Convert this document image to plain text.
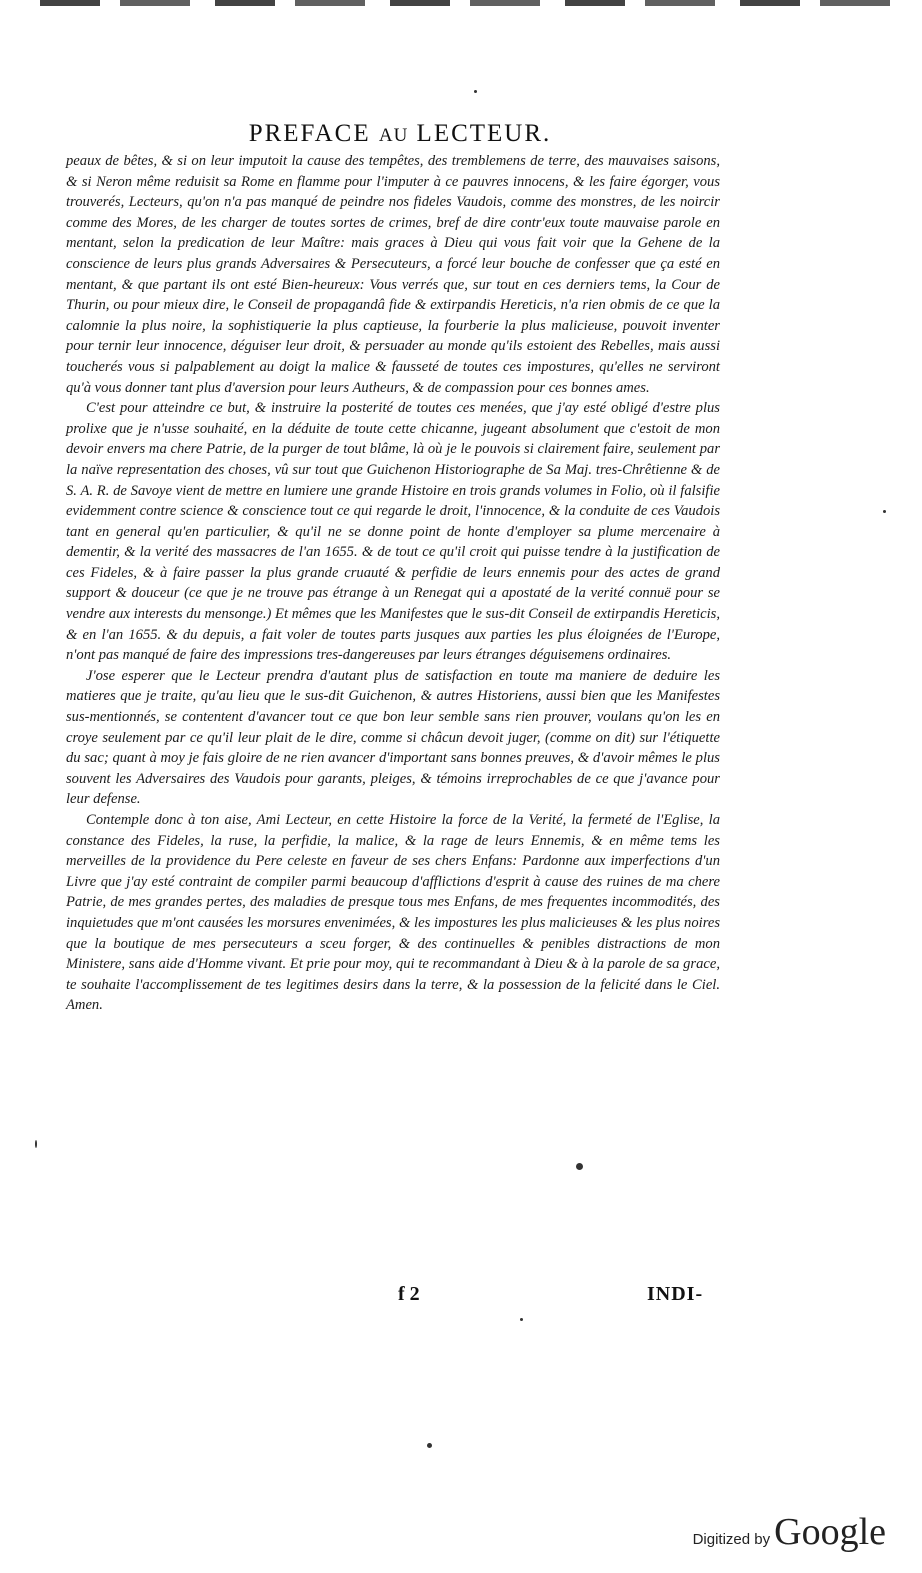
PREFACE AU LECTEUR.

peaux de bêtes, & si on leur imputoit la cause des tempêtes, des tremblemens de terre, des mauvaises saisons, & si Neron même reduisit sa Rome en flamme pour l'imputer à ce pauvres innocens, & les faire égorger, vous trouverés, Lecteurs, qu'on n'a pas manqué de peindre nos fideles Vaudois, comme des monstres, de les noircir comme des Mores, de les charger de toutes sortes de crimes, bref de dire contr'eux toute mauvaise parole en mentant, selon la predication de leur Maître: mais graces à Dieu qui vous fait voir que la Gehene de la conscience de leurs plus grands Adversaires & Persecuteurs, a forcé leur bouche de confesser que ça esté en mentant, & que partant ils ont esté Bien-heureux: Vous verrés que, sur tout en ces derniers tems, la Cour de Thurin, ou pour mieux dire, le Conseil de propagandâ fide & extirpandis Hereticis, n'a rien obmis de ce que la calomnie la plus noire, la sophistiquerie la plus captieuse, la fourberie la plus malicieuse, pouvoit inventer pour ternir leur innocence, déguiser leur droit, & persuader au monde qu'ils estoient des Rebelles, mais aussi toucherés vous si palpablement au doigt la malice & fausseté de toutes ces impostures, qu'elles ne serviront qu'à vous donner tant plus d'aversion pour leurs Autheurs, & de compassion pour ces bonnes ames.

C'est pour atteindre ce but, & instruire la posterité de toutes ces menées, que j'ay esté obligé d'estre plus prolixe que je n'usse souhaité, en la déduite de toute cette chicanne, jugeant absolument que c'estoit de mon devoir envers ma chere Patrie, de la purger de tout blâme, là où je le pouvois si clairement faire, seulement par la naïve representation des choses, vû sur tout que Guichenon Historiographe de Sa Maj. tres-Chrêtienne & de S. A. R. de Savoye vient de mettre en lumiere une grande Histoire en trois grands volumes in Folio, où il falsifie evidemment contre science & conscience tout ce qui regarde le droit, l'innocence, & la conduite de ces Vaudois tant en general qu'en particulier, & qu'il ne se donne point de honte d'employer sa plume mercenaire à dementir, & la verité des massacres de l'an 1655. & de tout ce qu'il croit qui puisse tendre à la justification de ces Fideles, & à faire passer la plus grande cruauté & perfidie de leurs ennemis pour des actes de grand support & douceur (ce que je ne trouve pas étrange à un Renegat qui a apostaté de la verité connuë pour se vendre aux interests du mensonge.) Et mêmes que les Manifestes que le sus-dit Conseil de extirpandis Hereticis, & en l'an 1655. & du depuis, a fait voler de toutes parts jusques aux parties les plus éloignées de l'Europe, n'ont pas manqué de faire des impressions tres-dangereuses par leurs étranges déguisemens ordinaires.

J'ose esperer que le Lecteur prendra d'autant plus de satisfaction en toute ma maniere de deduire les matieres que je traite, qu'au lieu que le sus-dit Guichenon, & autres Historiens, aussi bien que les Manifestes sus-mentionnés, se contentent d'avancer tout ce que bon leur semble sans rien prouver, voulans qu'on les en croye seulement par ce qu'il leur plait de le dire, comme si châcun devoit juger, (comme on dit) sur l'étiquette du sac; quant à moy je fais gloire de ne rien avancer d'important sans bonnes preuves, & d'avoir mêmes le plus souvent les Adversaires des Vaudois pour garants, pleiges, & témoins irreprochables de ce que j'avance pour leur defense.

Contemple donc à ton aise, Ami Lecteur, en cette Histoire la force de la Verité, la fermeté de l'Eglise, la constance des Fideles, la ruse, la perfidie, la malice, & la rage de leurs Ennemis, & en même tems les merveilles de la providence du Pere celeste en faveur de ses chers Enfans: Pardonne aux imperfections d'un Livre que j'ay esté contraint de compiler parmi beaucoup d'afflictions d'esprit à cause des ruines de ma chere Patrie, de mes grandes pertes, des maladies de presque tous mes Enfans, de mes frequentes incommodités, des inquietudes que m'ont causées les morsures envenimées, & les impostures les plus malicieuses & les plus noires que la boutique de mes persecuteurs a sceu forger, & des continuelles & penibles distractions de mon Ministere, sans aide d'Homme vivant. Et prie pour moy, qui te recommandant à Dieu & à la parole de sa grace, te souhaite l'accomplissement de tes legitimes desirs dans la terre, & la possession de la felicité dans le Ciel. Amen.

f 2	INDI-
Digitized by Google
